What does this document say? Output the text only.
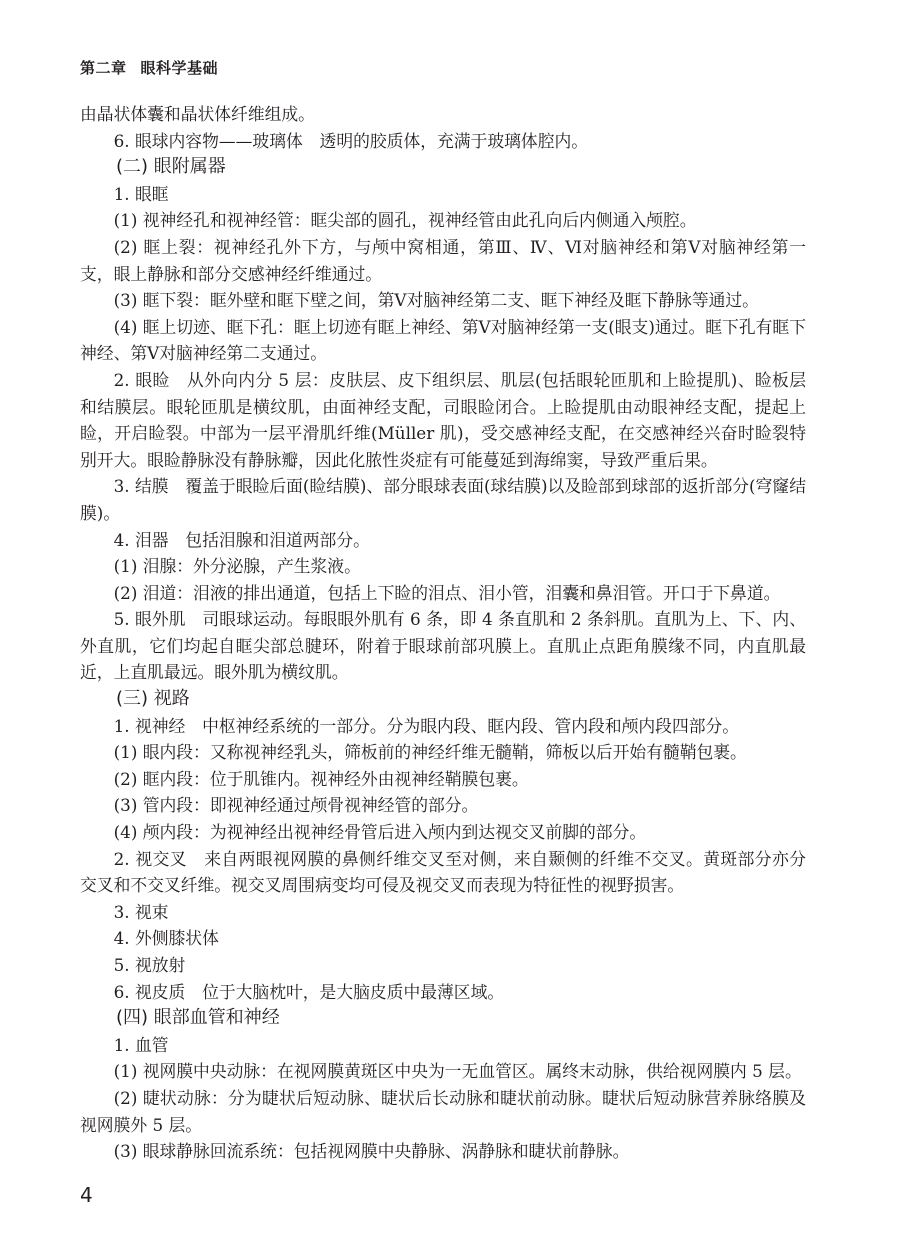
第二章 眼科学基础

由晶状体囊和晶状体纤维组成。

6. 眼球内容物——玻璃体　透明的胶质体，充满于玻璃体腔内。

(二) 眼附属器

1. 眼眶

(1) 视神经孔和视神经管：眶尖部的圆孔，视神经管由此孔向后内侧通入颅腔。

(2) 眶上裂：视神经孔外下方，与颅中窝相通，第Ⅲ、Ⅳ、Ⅵ对脑神经和第Ⅴ对脑神经第一支，眼上静脉和部分交感神经纤维通过。

(3) 眶下裂：眶外壁和眶下壁之间，第Ⅴ对脑神经第二支、眶下神经及眶下静脉等通过。

(4) 眶上切迹、眶下孔：眶上切迹有眶上神经、第Ⅴ对脑神经第一支(眼支)通过。眶下孔有眶下神经、第Ⅴ对脑神经第二支通过。

2. 眼睑　从外向内分 5 层：皮肤层、皮下组织层、肌层(包括眼轮匝肌和上睑提肌)、睑板层和结膜层。眼轮匝肌是横纹肌，由面神经支配，司眼睑闭合。上睑提肌由动眼神经支配，提起上睑，开启睑裂。中部为一层平滑肌纤维(Müller 肌)，受交感神经支配，在交感神经兴奋时睑裂特别开大。眼睑静脉没有静脉瓣，因此化脓性炎症有可能蔓延到海绵窦，导致严重后果。

3. 结膜　覆盖于眼睑后面(睑结膜)、部分眼球表面(球结膜)以及睑部到球部的返折部分(穹窿结膜)。

4. 泪器　包括泪腺和泪道两部分。

(1) 泪腺：外分泌腺，产生浆液。

(2) 泪道：泪液的排出通道，包括上下睑的泪点、泪小管，泪囊和鼻泪管。开口于下鼻道。

5. 眼外肌　司眼球运动。每眼眼外肌有 6 条，即 4 条直肌和 2 条斜肌。直肌为上、下、内、外直肌，它们均起自眶尖部总腱环，附着于眼球前部巩膜上。直肌止点距角膜缘不同，内直肌最近，上直肌最远。眼外肌为横纹肌。

(三) 视路

1. 视神经　中枢神经系统的一部分。分为眼内段、眶内段、管内段和颅内段四部分。

(1) 眼内段：又称视神经乳头，筛板前的神经纤维无髓鞘，筛板以后开始有髓鞘包裹。

(2) 眶内段：位于肌锥内。视神经外由视神经鞘膜包裹。

(3) 管内段：即视神经通过颅骨视神经管的部分。

(4) 颅内段：为视神经出视神经骨管后进入颅内到达视交叉前脚的部分。

2. 视交叉　来自两眼视网膜的鼻侧纤维交叉至对侧，来自颞侧的纤维不交叉。黄斑部分亦分交叉和不交叉纤维。视交叉周围病变均可侵及视交叉而表现为特征性的视野损害。

3. 视束

4. 外侧膝状体

5. 视放射

6. 视皮质　位于大脑枕叶，是大脑皮质中最薄区域。

(四) 眼部血管和神经

1. 血管

(1) 视网膜中央动脉：在视网膜黄斑区中央为一无血管区。属终末动脉，供给视网膜内 5 层。

(2) 睫状动脉：分为睫状后短动脉、睫状后长动脉和睫状前动脉。睫状后短动脉营养脉络膜及视网膜外 5 层。

(3) 眼球静脉回流系统：包括视网膜中央静脉、涡静脉和睫状前静脉。

4
